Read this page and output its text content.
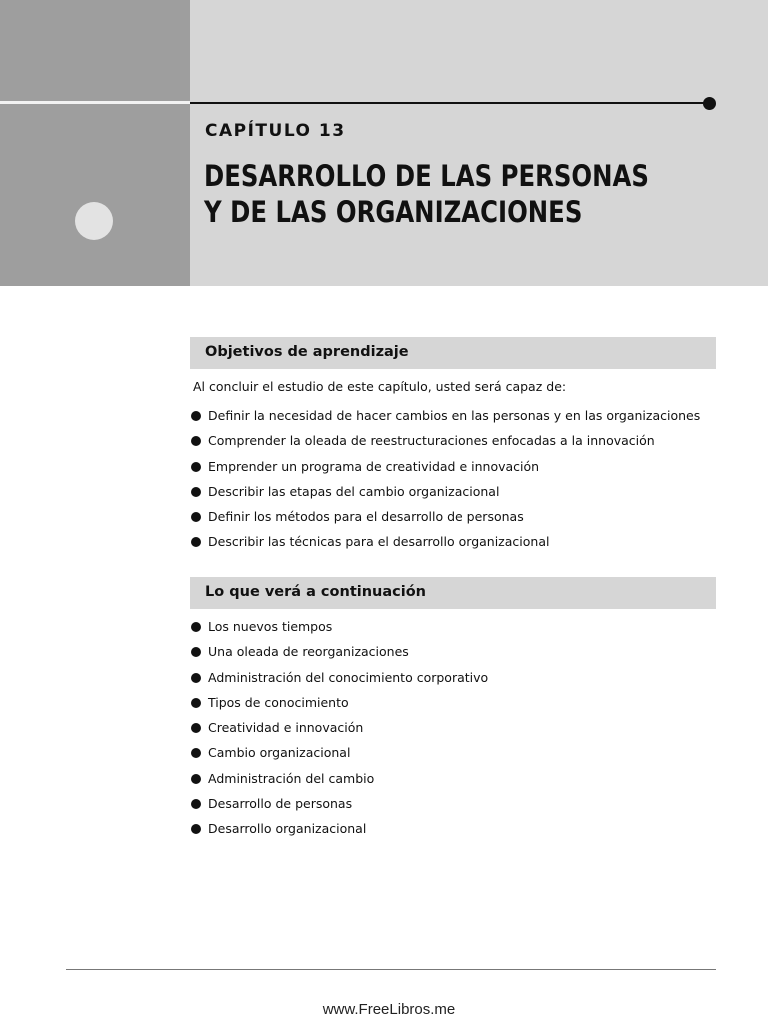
CAPÍTULO 13
DESARROLLO DE LAS PERSONAS
Y DE LAS ORGANIZACIONES
Objetivos de aprendizaje
Al concluir el estudio de este capítulo, usted será capaz de:
Definir la necesidad de hacer cambios en las personas y en las organizaciones
Comprender la oleada de reestructuraciones enfocadas a la innovación
Emprender un programa de creatividad e innovación
Describir las etapas del cambio organizacional
Definir los métodos para el desarrollo de personas
Describir las técnicas para el desarrollo organizacional
Lo que verá a continuación
Los nuevos tiempos
Una oleada de reorganizaciones
Administración del conocimiento corporativo
Tipos de conocimiento
Creatividad e innovación
Cambio organizacional
Administración del cambio
Desarrollo de personas
Desarrollo organizacional
www.FreeLibros.me
